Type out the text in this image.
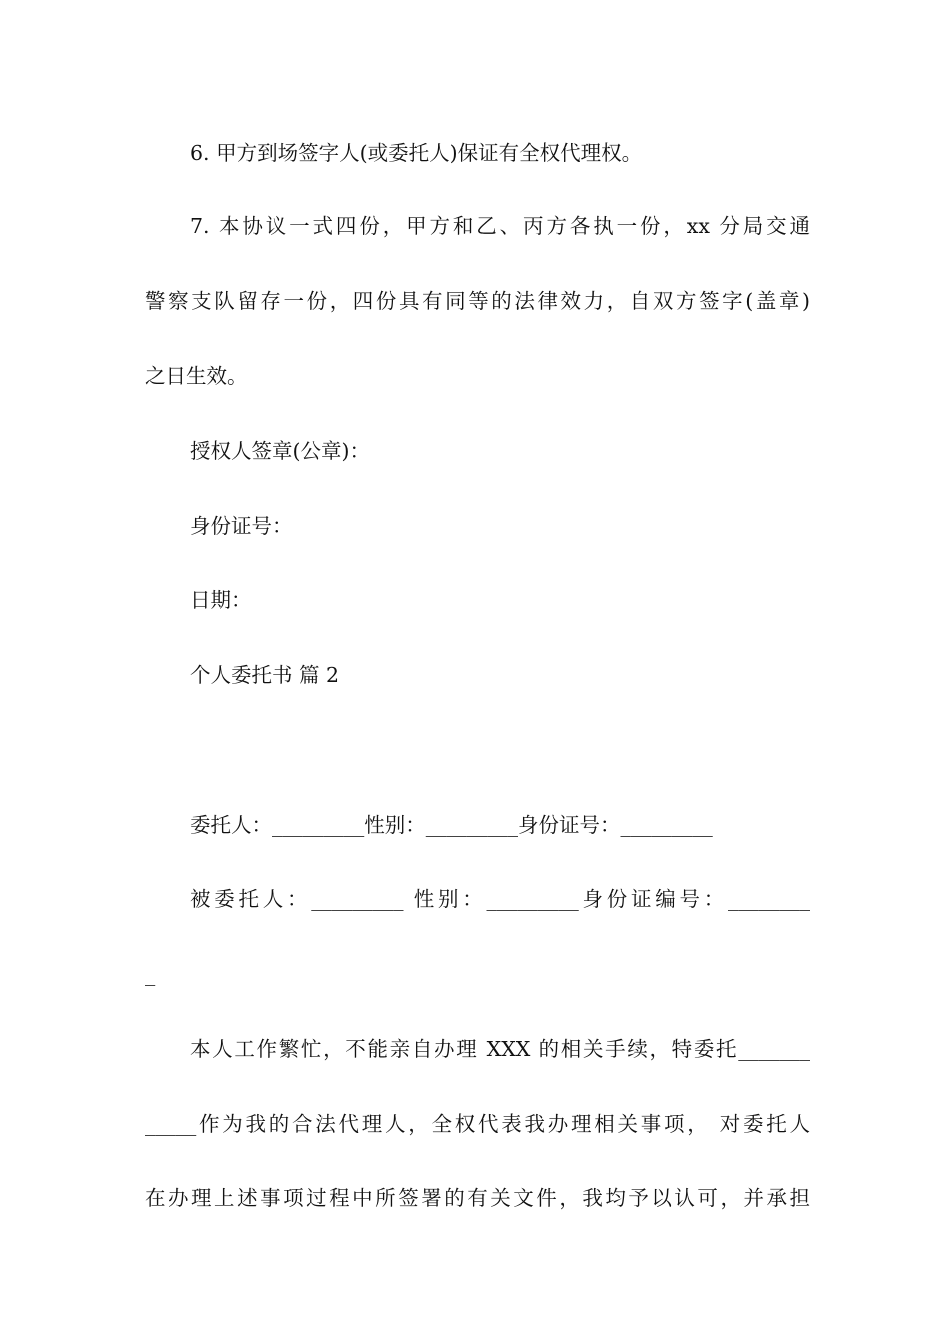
6. 甲方到场签字人(或委托人)保证有全权代理权。
7. 本协议一式四份，甲方和乙、丙方各执一份，xx 分局交通
警察支队留存一份，四份具有同等的法律效力，自双方签字(盖章)
之日生效。
授权人签章(公章)：
身份证号：
日期：
个人委托书 篇 2
委托人：_________性别：_________身份证号：_________
被委托人：_________ 性别：_________身份证编号：________
_
本人工作繁忙，不能亲自办理 XXX 的相关手续，特委托_______
_____作为我的合法代理人，全权代表我办理相关事项， 对委托人
在办理上述事项过程中所签署的有关文件，我均予以认可，并承担
